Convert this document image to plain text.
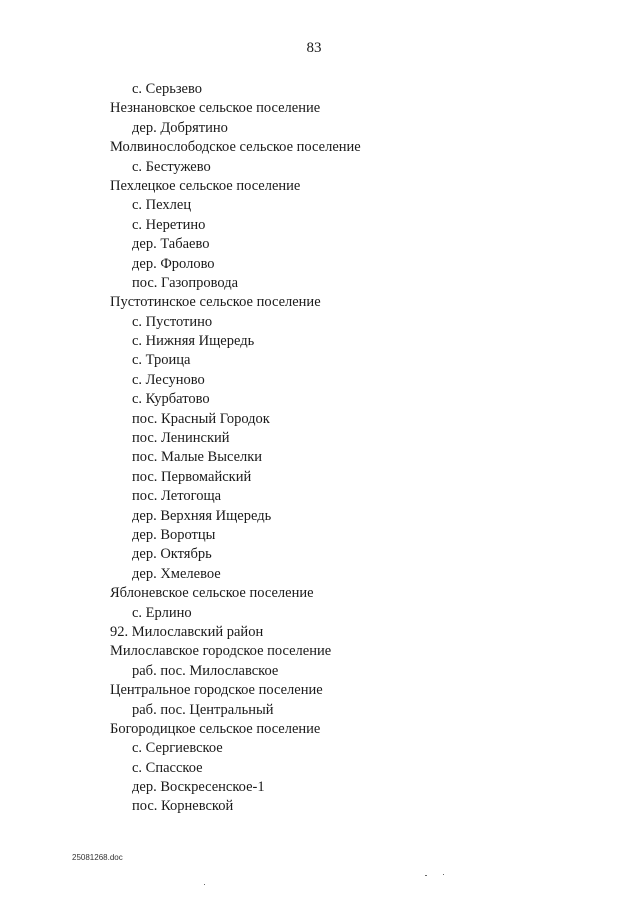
83
с. Серьзево
Незнановское сельское поселение
дер. Добрятино
Молвинослободское сельское поселение
с. Бестужево
Пехлецкое сельское поселение
с. Пехлец
с. Неретино
дер. Табаево
дер. Фролово
пос. Газопровода
Пустотинское сельское поселение
с. Пустотино
с. Нижняя Ищередь
с. Троица
с. Лесуново
с. Курбатово
пос. Красный Городок
пос. Ленинский
пос. Малые Выселки
пос. Первомайский
пос. Летогоща
дер. Верхняя Ищередь
дер. Воротцы
дер. Октябрь
дер. Хмелевое
Яблоневское сельское поселение
с. Ерлино
92. Милославский район
Милославское городское поселение
раб. пос. Милославское
Центральное городское поселение
раб. пос. Центральный
Богородицкое сельское поселение
с. Сергиевское
с. Спасское
дер. Воскресенское-1
пос. Корневской
25081268.doc
